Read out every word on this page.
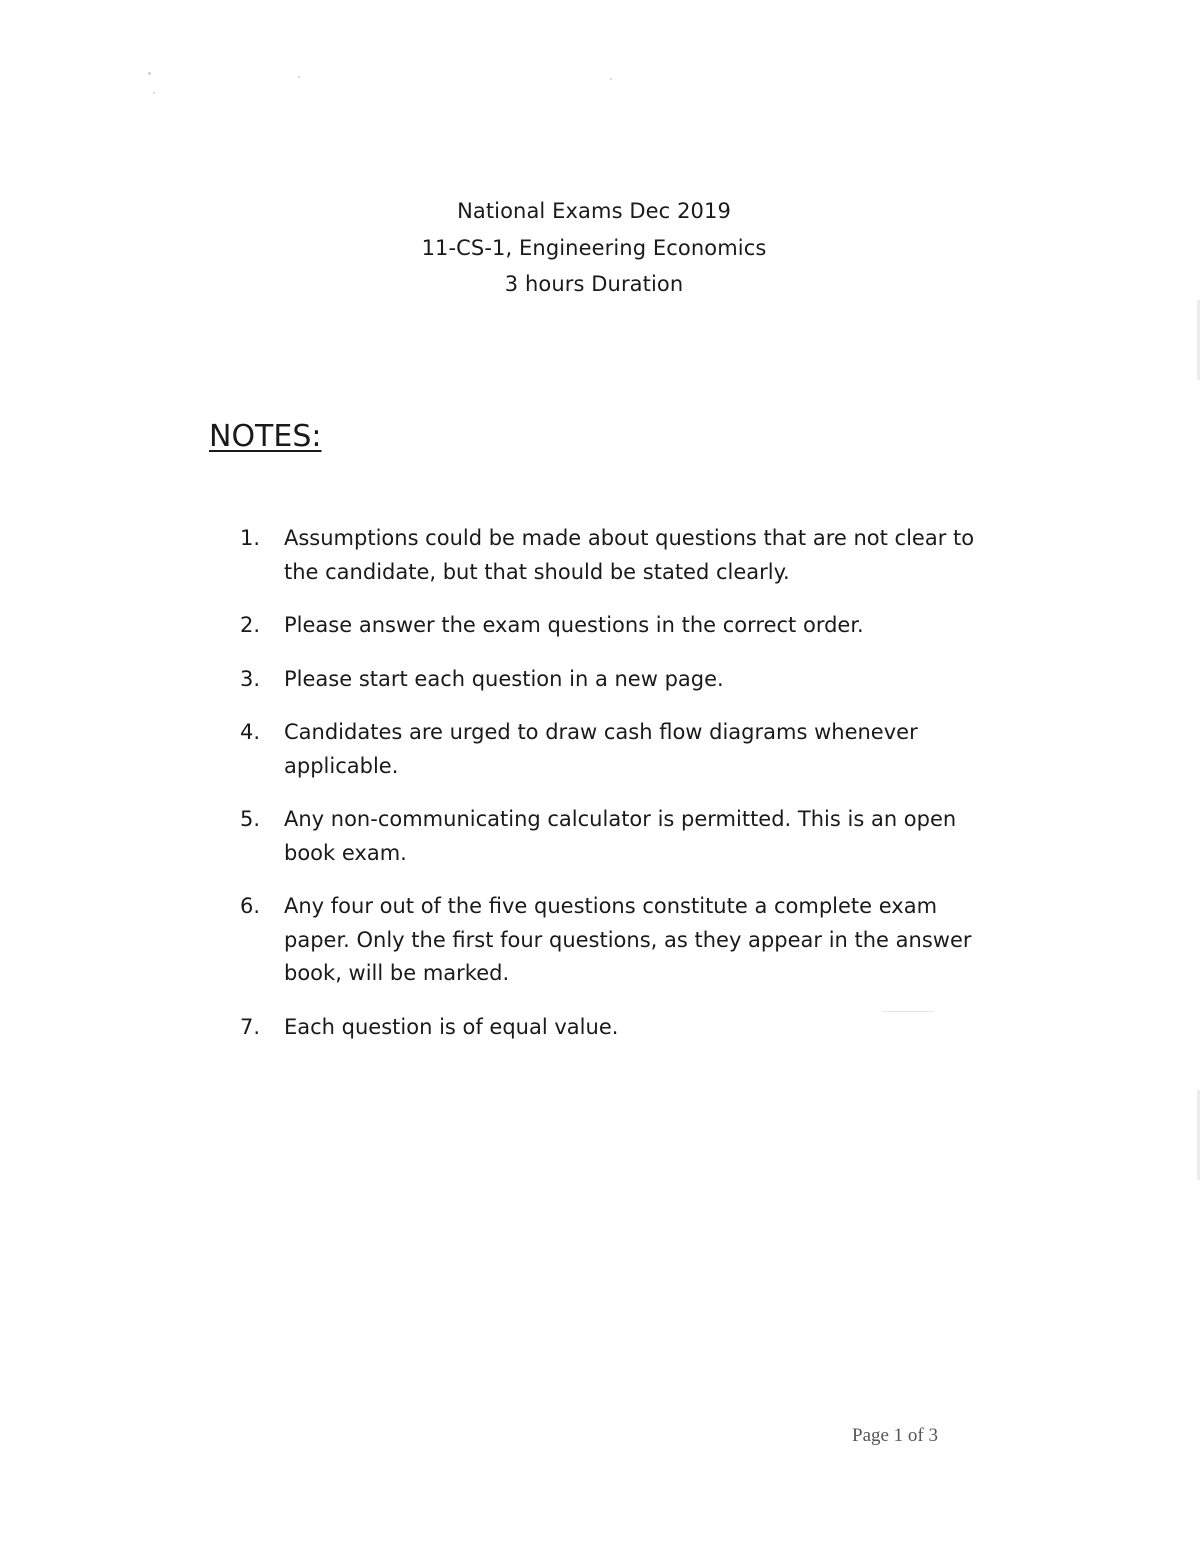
National Exams Dec 2019
11-CS-1, Engineering Economics
3 hours Duration
NOTES:
1. Assumptions could be made about questions that are not clear to the candidate, but that should be stated clearly.
2. Please answer the exam questions in the correct order.
3. Please start each question in a new page.
4. Candidates are urged to draw cash flow diagrams whenever applicable.
5. Any non-communicating calculator is permitted. This is an open book exam.
6. Any four out of the five questions constitute a complete exam paper. Only the first four questions, as they appear in the answer book, will be marked.
7. Each question is of equal value.
Page 1 of 3
